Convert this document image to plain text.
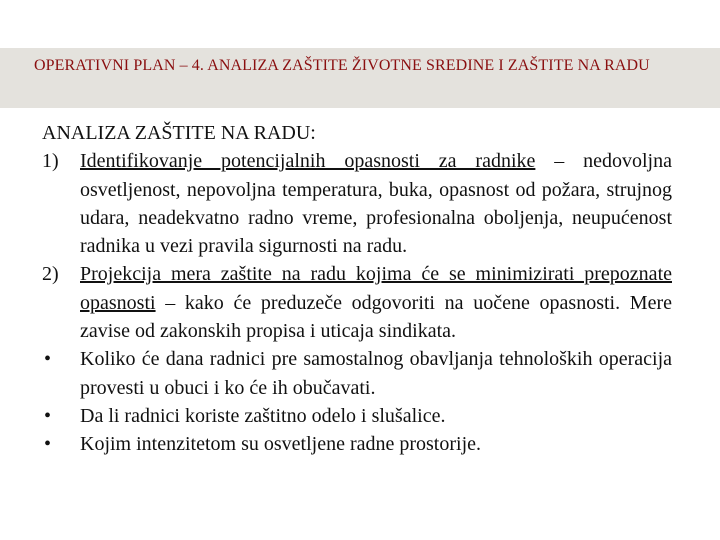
OPERATIVNI PLAN – 4. ANALIZA ZAŠTITE ŽIVOTNE SREDINE I ZAŠTITE NA RADU

ANALIZA ZAŠTITE NA RADU:

1) Identifikovanje potencijalnih opasnosti za radnike – nedovoljna osvetljenost, nepovoljna temperatura, buka, opasnost od požara, strujnog udara, neadekvatno radno vreme, profesionalna oboljenja, neupućenost radnika u vezi pravila sigurnosti na radu.
2) Projekcija mera zaštite na radu kojima će se minimizirati prepoznate opasnosti – kako će preduzeče odgovoriti na uočene opasnosti. Mere zavise od zakonskih propisa i uticaja sindikata.
• Koliko će dana radnici pre samostalnog obavljanja tehnoloških operacija provesti u obuci i ko će ih obučavati.
• Da li radnici koriste zaštitno odelo i slušalice.
• Kojim intenzitetom su osvetljene radne prostorije.
